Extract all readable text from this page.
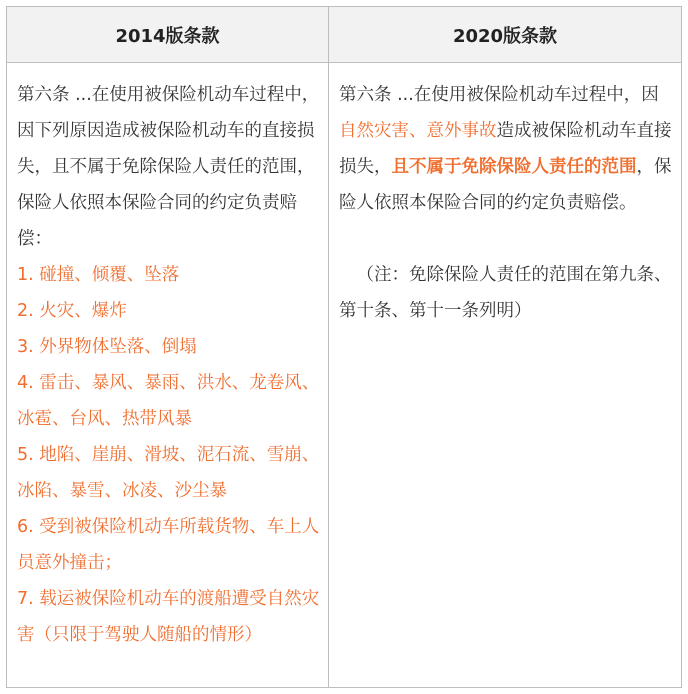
2014版条款	2020版条款

第六条 ...在使用被保险机动车过程中，因下列原因造成被保险机动车的直接损失，且不属于免除保险人责任的范围，保险人依照本保险合同的约定负责赔偿：

1. 碰撞、倾覆、坠落

2. 火灾、爆炸

3. 外界物体坠落、倒塌

4. 雷击、暴风、暴雨、洪水、龙卷风、冰雹、台风、热带风暴

5. 地陷、崖崩、滑坡、泥石流、雪崩、冰陷、暴雪、冰凌、沙尘暴

6. 受到被保险机动车所载货物、车上人员意外撞击；

7. 载运被保险机动车的渡船遭受自然灾害（只限于驾驶人随船的情形）

第六条 ...在使用被保险机动车过程中，因自然灾害、意外事故造成被保险机动车直接损失，且不属于免除保险人责任的范围，保险人依照本保险合同的约定负责赔偿。

（注：免除保险人责任的范围在第九条、第十条、第十一条列明）
